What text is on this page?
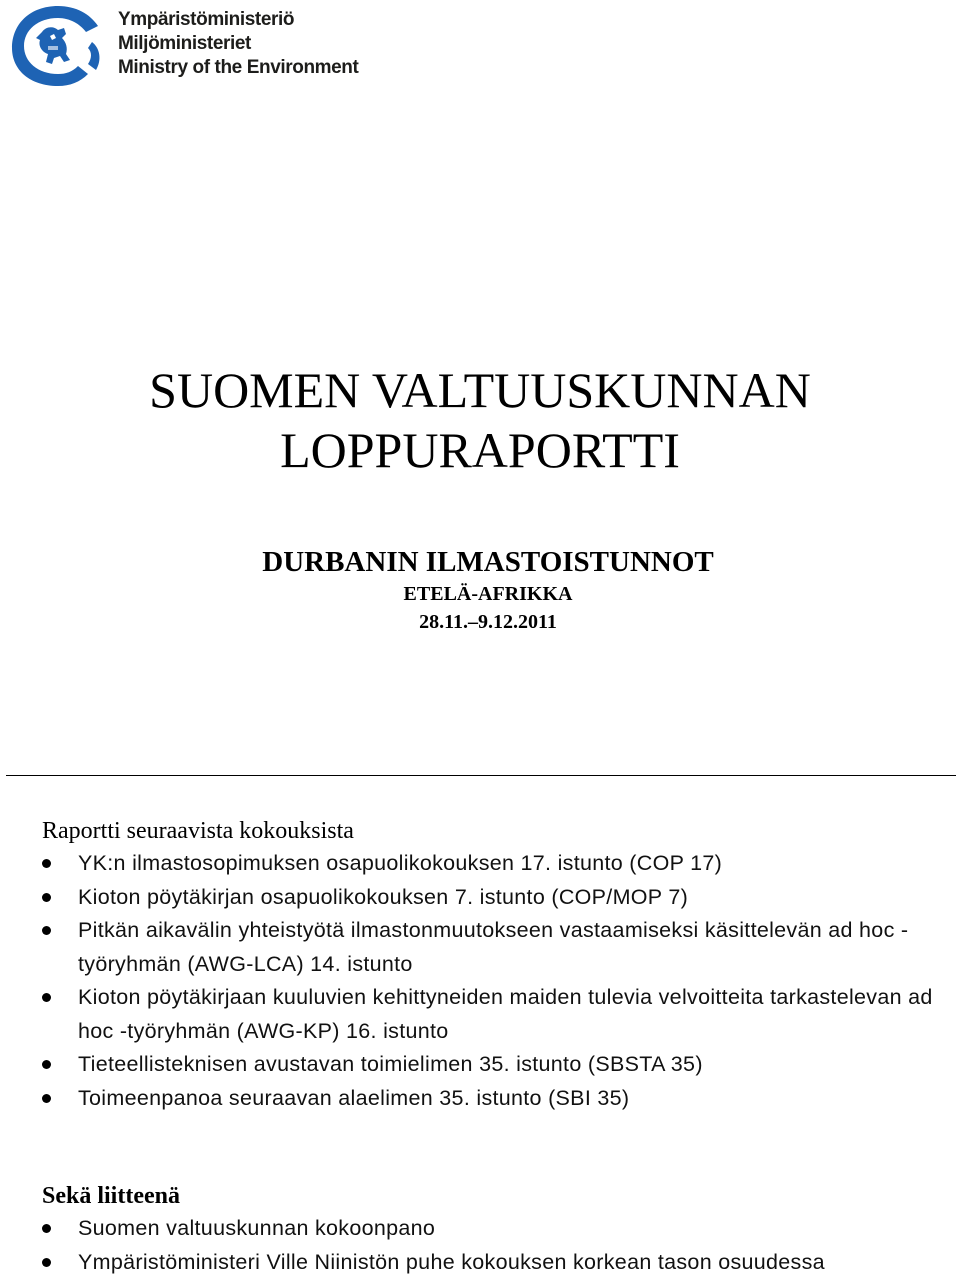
Ympäristöministeriö
Miljöministeriet
Ministry of the Environment
SUOMEN VALTUUSKUNNAN
LOPPURAPORTTI
DURBANIN ILMASTOISTUNNOT
ETELÄ-AFRIKKA
28.11.–9.12.2011
Raportti seuraavista kokouksista
YK:n ilmastosopimuksen osapuolikokouksen 17. istunto (COP 17)
Kioton pöytäkirjan osapuolikokouksen 7. istunto (COP/MOP 7)
Pitkän aikavälin yhteistyötä ilmastonmuutokseen vastaamiseksi käsittelevän ad hoc -työryhmän (AWG-LCA) 14. istunto
Kioton pöytäkirjaan kuuluvien kehittyneiden maiden tulevia velvoitteita tarkastelevan ad hoc -työryhmän (AWG-KP) 16. istunto
Tieteellisteknisen avustavan toimielimen 35. istunto (SBSTA 35)
Toimeenpanoa seuraavan alaelimen 35. istunto (SBI 35)
Sekä liitteenä
Suomen valtuuskunnan kokoonpano
Ympäristöministeri Ville Niinistön puhe kokouksen korkean tason osuudessa
